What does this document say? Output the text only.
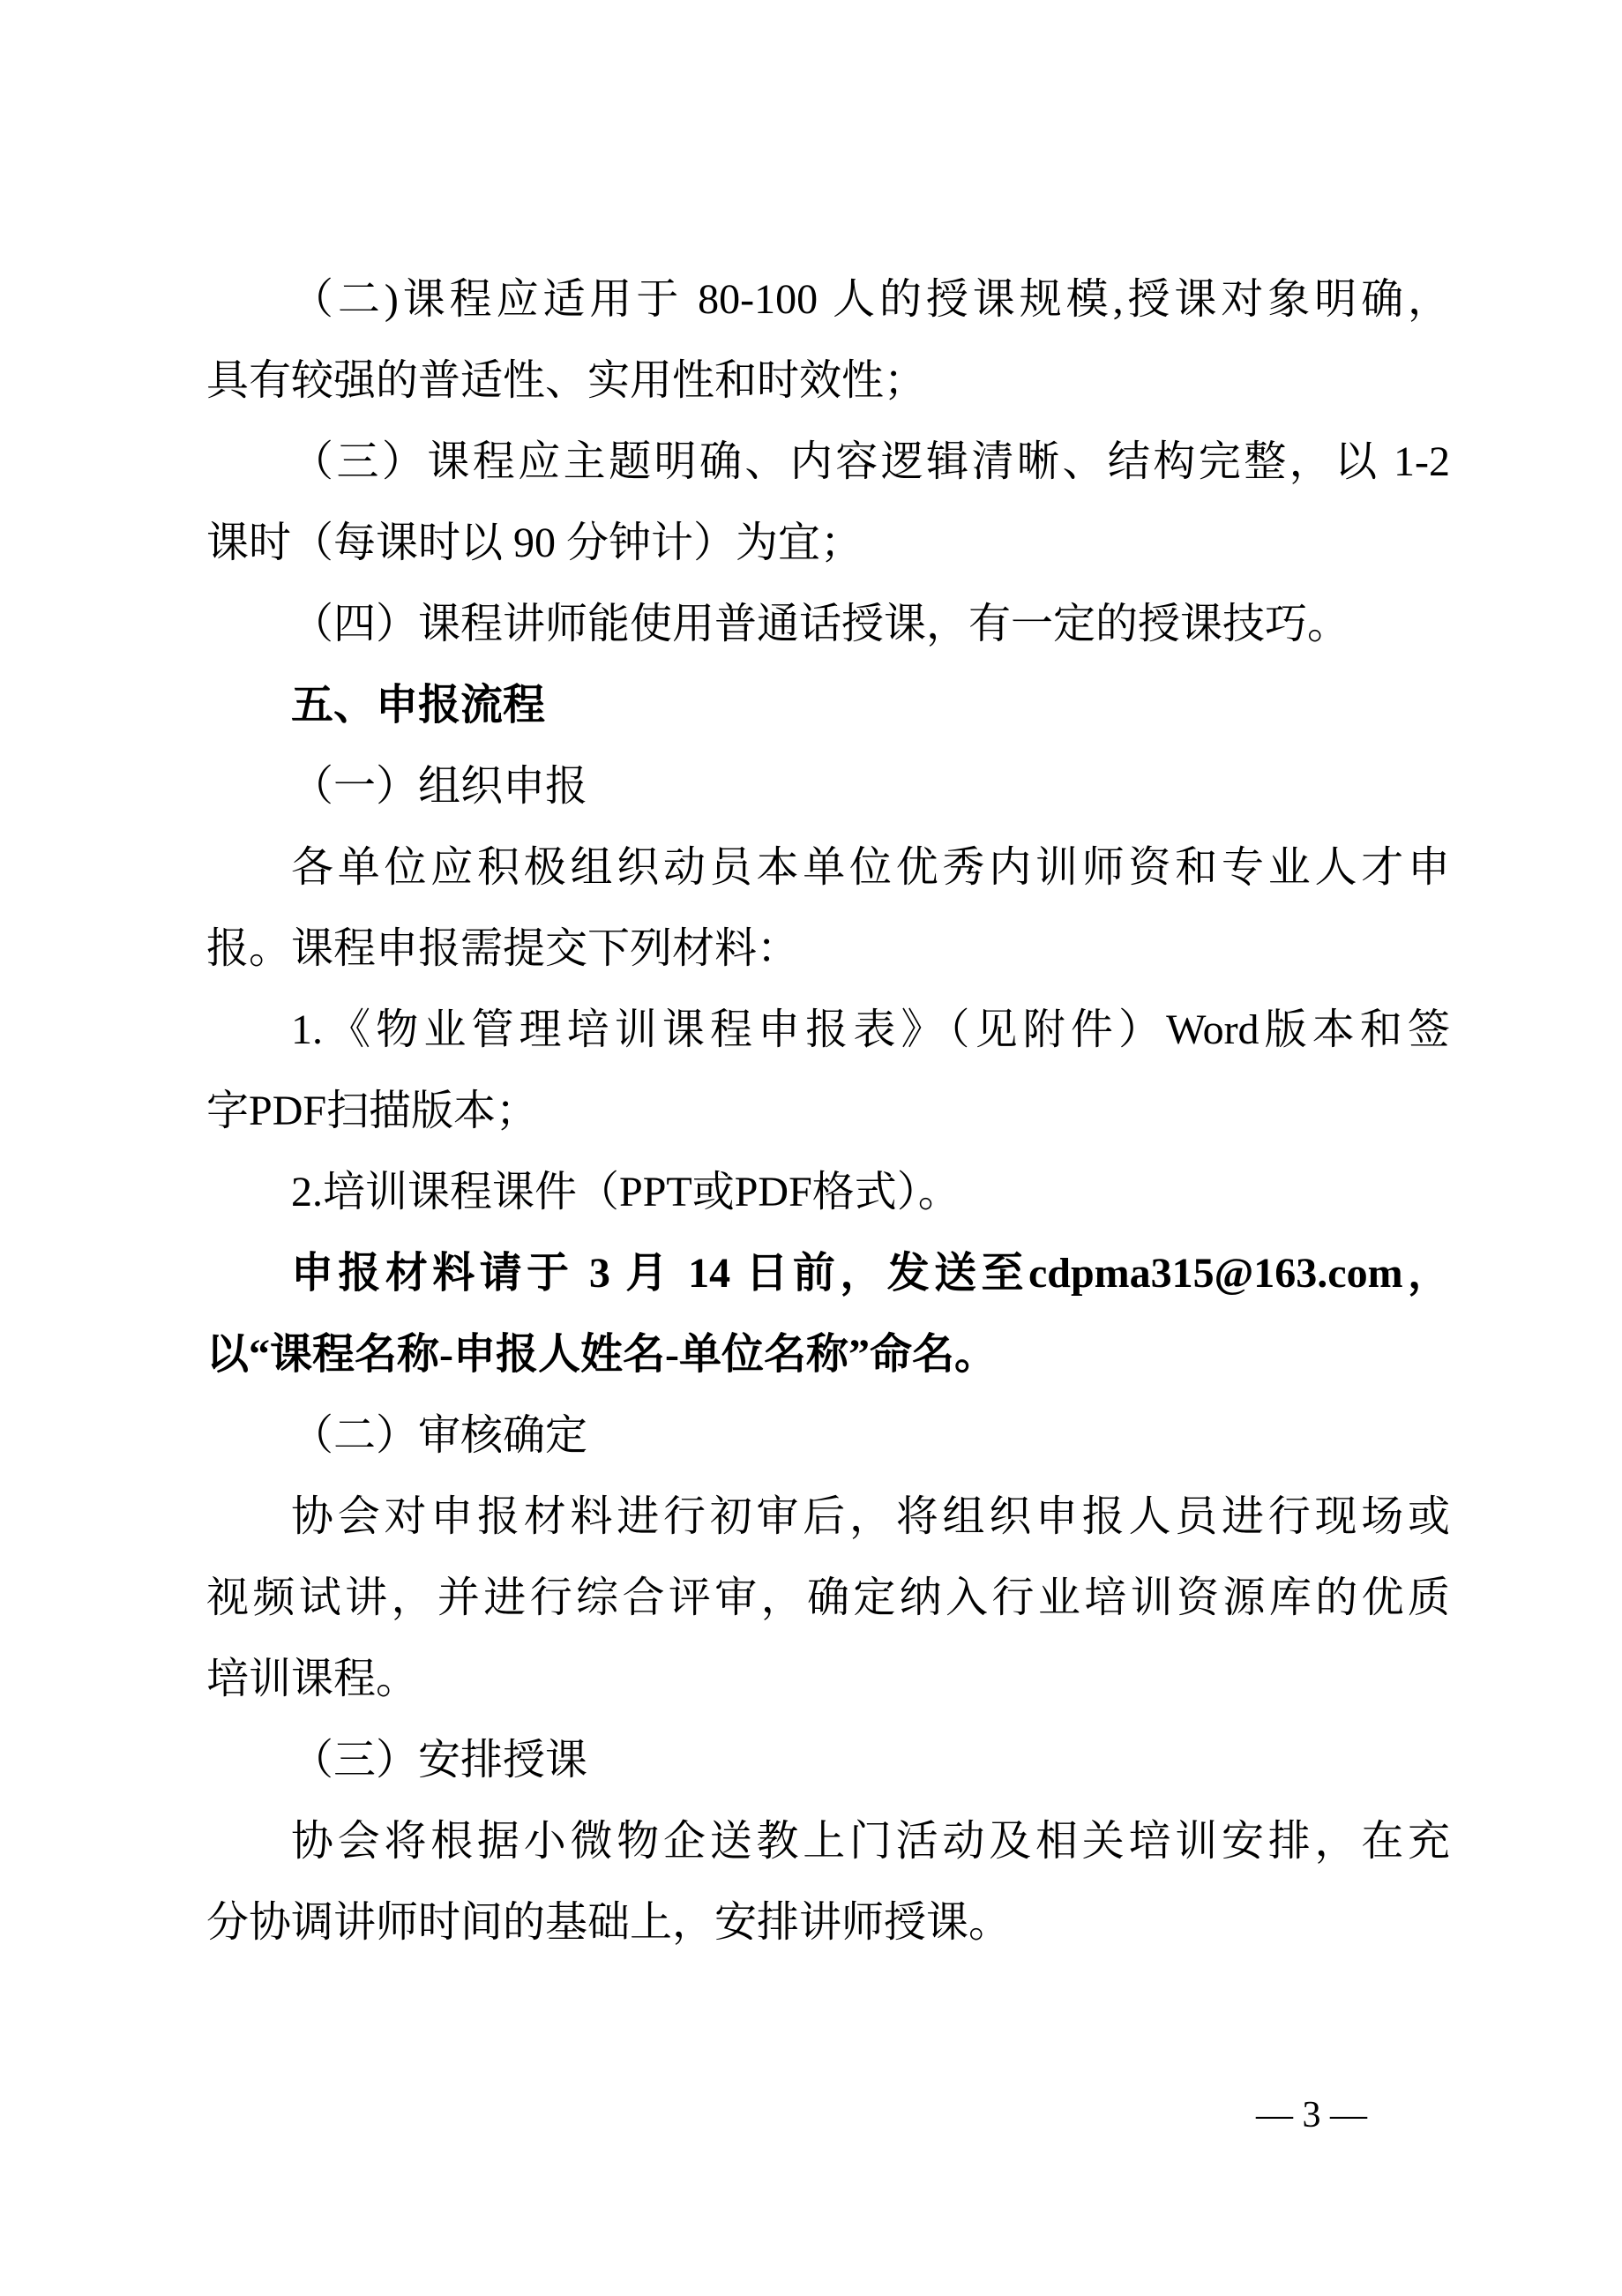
（二)课程应适用于 80-100 人的授课规模,授课对象明确，
具有较强的普适性、实用性和时效性；
（三）课程应主题明确、内容逻辑清晰、结构完整，以 1-2
课时（每课时以 90 分钟计）为宜；
（四）课程讲师能使用普通话授课，有一定的授课技巧。
五、申报流程
（一）组织申报
各单位应积极组织动员本单位优秀内训师资和专业人才申
报。课程申报需提交下列材料：
1.《物业管理培训课程申报表》（见附件）Word版本和签
字PDF扫描版本；
2.培训课程课件（PPT或PDF格式）。
申报材料请于 3 月 14 日前，发送至cdpma315@163.com，
以“课程名称-申报人姓名-单位名称”命名。
（二）审核确定
协会对申报材料进行初审后，将组织申报人员进行现场或
视频试讲，并进行综合评审，确定纳入行业培训资源库的优质
培训课程。
（三）安排授课
协会将根据小微物企送教上门活动及相关培训安排，在充
分协调讲师时间的基础上，安排讲师授课。
— 3 —
